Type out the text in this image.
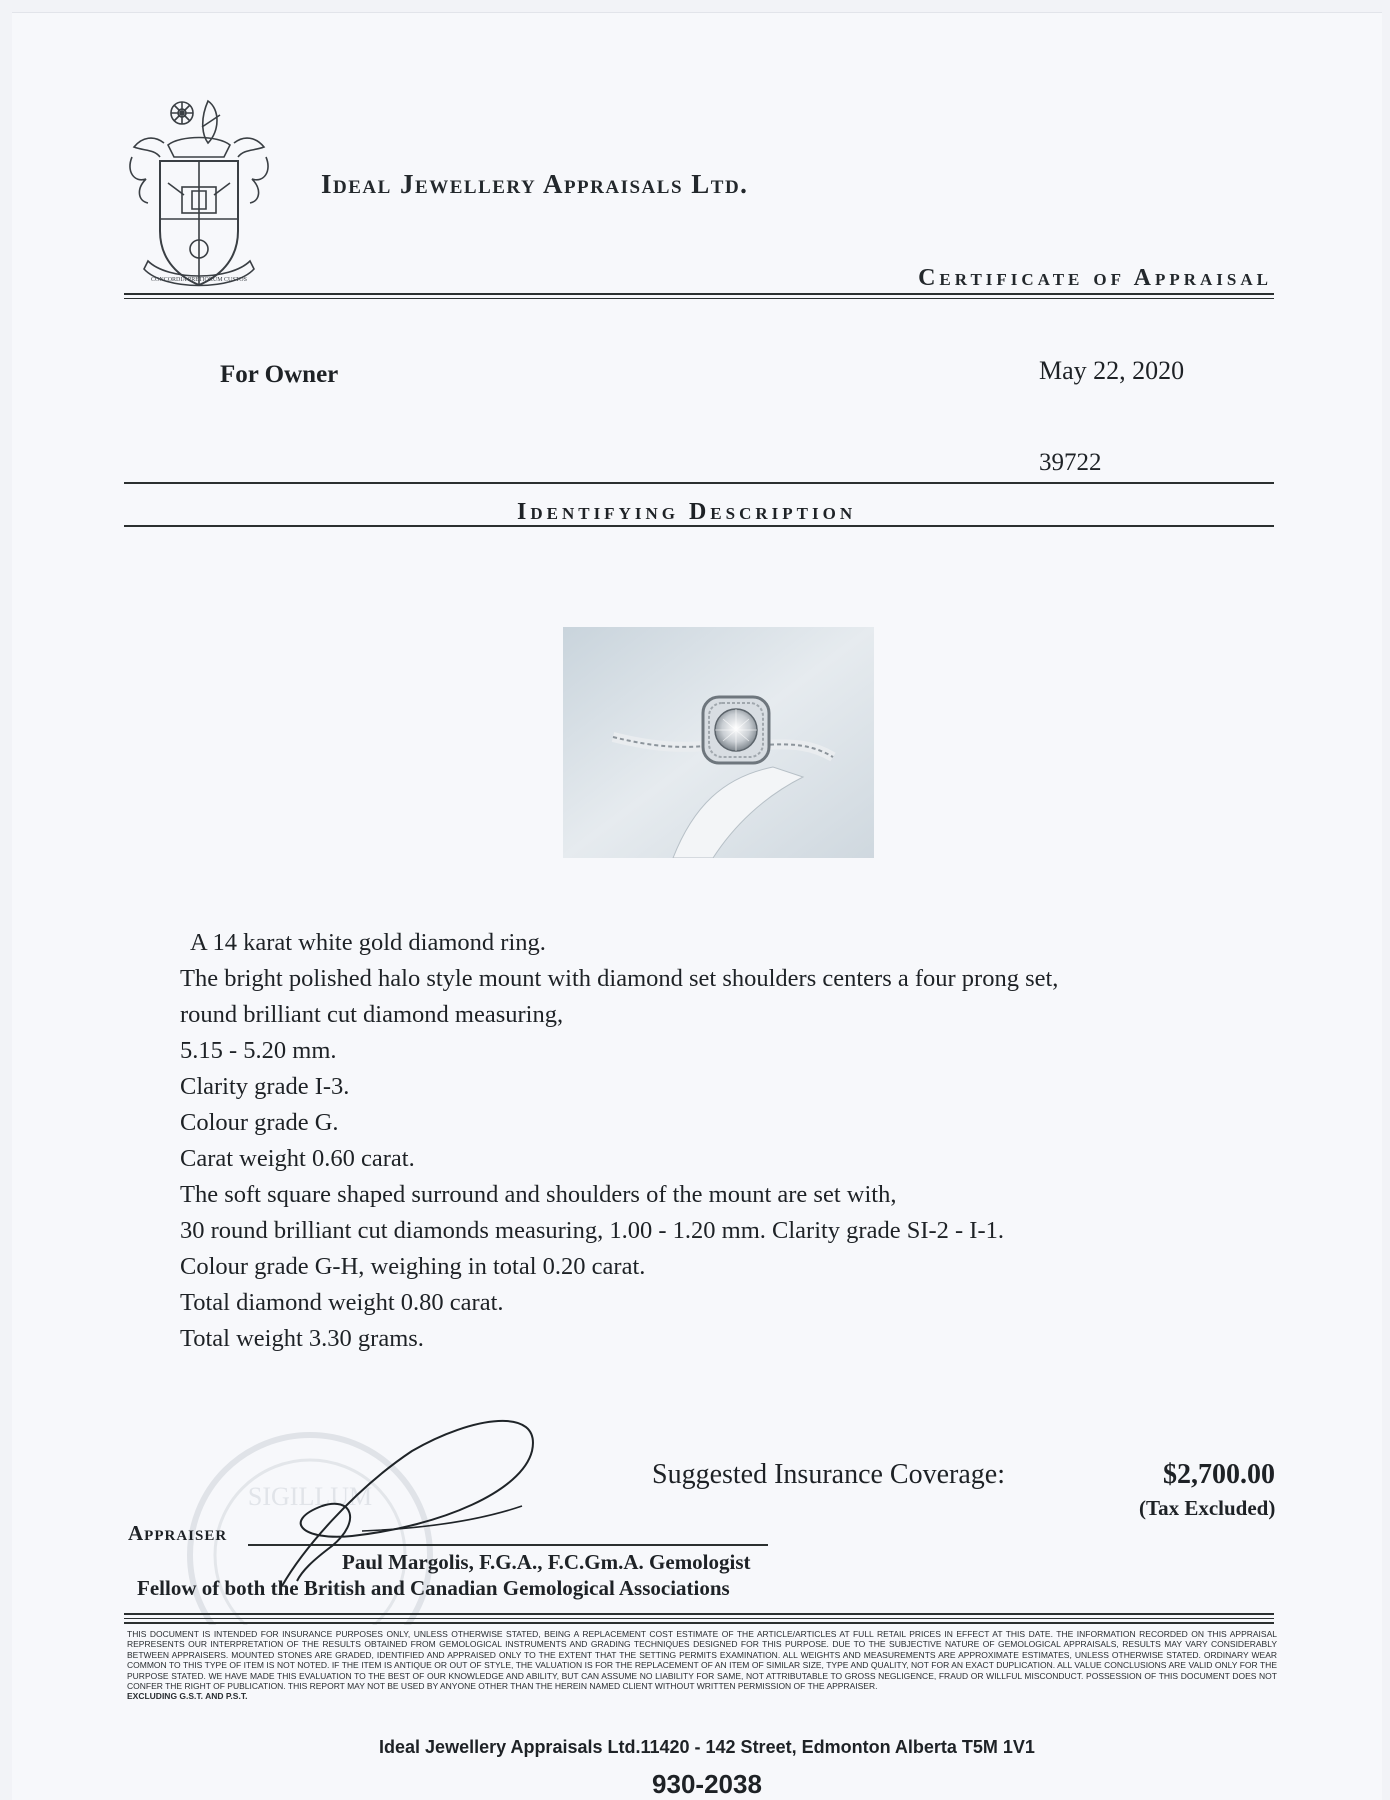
CONCORDIA PRETIORUM CUSTOS
Ideal Jewellery Appraisals Ltd.
Certificate of Appraisal
For Owner	May 22, 2020
39722
Identifying Description
A 14 karat white gold diamond ring.
The bright polished halo style mount with diamond set shoulders centers a four prong set,
round brilliant cut diamond measuring,
5.15 - 5.20 mm.
Clarity grade I-3.
Colour grade G.
Carat weight 0.60 carat.
The soft square shaped surround and shoulders of the mount are set with,
30 round brilliant cut diamonds measuring, 1.00 - 1.20 mm. Clarity grade SI-2 - I-1.
Colour grade G-H, weighing in total 0.20 carat.
Total diamond weight 0.80 carat.
Total weight 3.30 grams.
SIGILLUM
Suggested Insurance Coverage:	$2,700.00
(Tax Excluded)
Appraiser
Paul Margolis, F.G.A., F.C.Gm.A. Gemologist
Fellow of both the British and Canadian Gemological Associations
THIS DOCUMENT IS INTENDED FOR INSURANCE PURPOSES ONLY, UNLESS OTHERWISE STATED, BEING A REPLACEMENT COST ESTIMATE OF THE ARTICLE/ARTICLES AT FULL RETAIL PRICES IN EFFECT AT THIS DATE. THE INFORMATION RECORDED ON THIS APPRAISAL REPRESENTS OUR INTERPRETATION OF THE RESULTS OBTAINED FROM GEMOLOGICAL INSTRUMENTS AND GRADING TECHNIQUES DESIGNED FOR THIS PURPOSE. DUE TO THE SUBJECTIVE NATURE OF GEMOLOGICAL APPRAISALS, RESULTS MAY VARY CONSIDERABLY BETWEEN APPRAISERS. MOUNTED STONES ARE GRADED, IDENTIFIED AND APPRAISED ONLY TO THE EXTENT THAT THE SETTING PERMITS EXAMINATION. ALL WEIGHTS AND MEASUREMENTS ARE APPROXIMATE ESTIMATES, UNLESS OTHERWISE STATED. ORDINARY WEAR COMMON TO THIS TYPE OF ITEM IS NOT NOTED. IF THE ITEM IS ANTIQUE OR OUT OF STYLE, THE VALUATION IS FOR THE REPLACEMENT OF AN ITEM OF SIMILAR SIZE, TYPE AND QUALITY, NOT FOR AN EXACT DUPLICATION. ALL VALUE CONCLUSIONS ARE VALID ONLY FOR THE PURPOSE STATED. WE HAVE MADE THIS EVALUATION TO THE BEST OF OUR KNOWLEDGE AND ABILITY, BUT CAN ASSUME NO LIABILITY FOR SAME, NOT ATTRIBUTABLE TO GROSS NEGLIGENCE, FRAUD OR WILLFUL MISCONDUCT. POSSESSION OF THIS DOCUMENT DOES NOT CONFER THE RIGHT OF PUBLICATION. THIS REPORT MAY NOT BE USED BY ANYONE OTHER THAN THE HEREIN NAMED CLIENT WITHOUT WRITTEN PERMISSION OF THE APPRAISER.
EXCLUDING G.S.T. AND P.S.T.
Ideal Jewellery Appraisals Ltd.11420 - 142 Street, Edmonton Alberta T5M 1V1
930-2038
